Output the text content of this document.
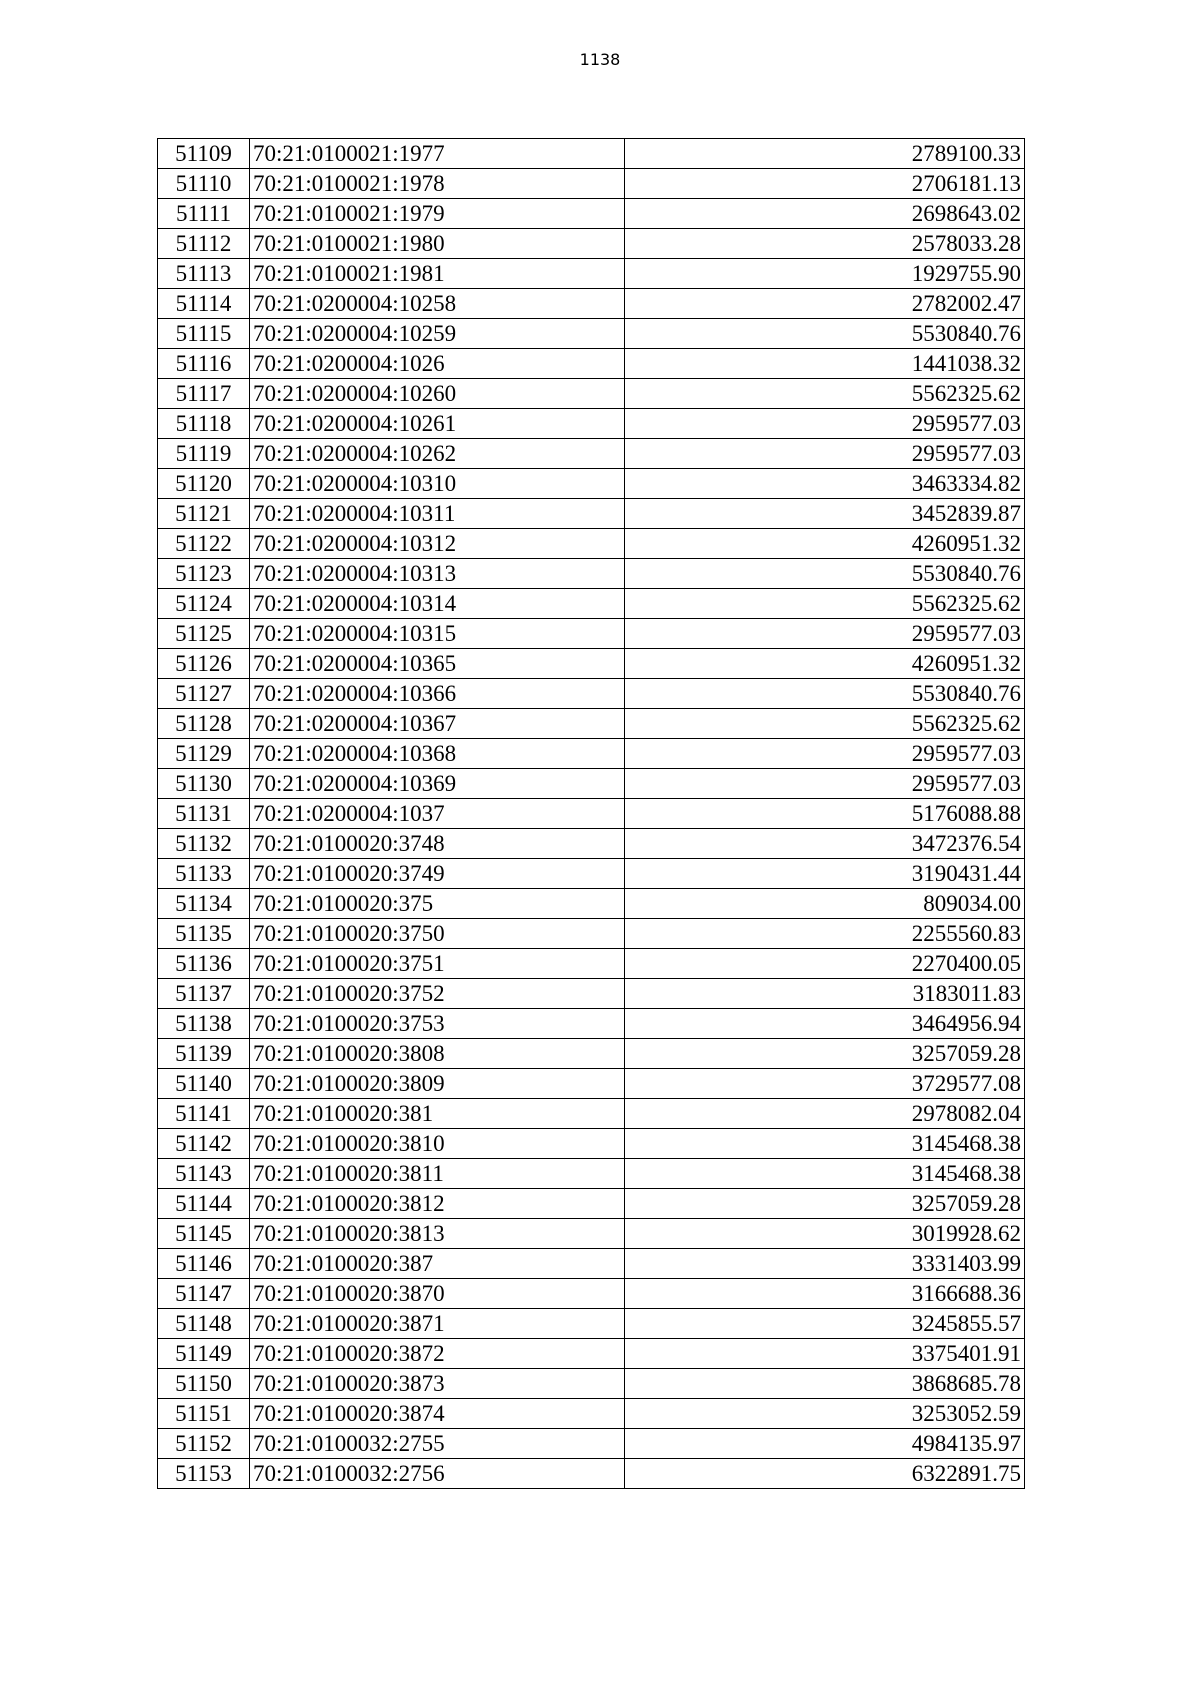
1138
51109	70:21:0100021:1977	2789100.33
51110	70:21:0100021:1978	2706181.13
51111	70:21:0100021:1979	2698643.02
51112	70:21:0100021:1980	2578033.28
51113	70:21:0100021:1981	1929755.90
51114	70:21:0200004:10258	2782002.47
51115	70:21:0200004:10259	5530840.76
51116	70:21:0200004:1026	1441038.32
51117	70:21:0200004:10260	5562325.62
51118	70:21:0200004:10261	2959577.03
51119	70:21:0200004:10262	2959577.03
51120	70:21:0200004:10310	3463334.82
51121	70:21:0200004:10311	3452839.87
51122	70:21:0200004:10312	4260951.32
51123	70:21:0200004:10313	5530840.76
51124	70:21:0200004:10314	5562325.62
51125	70:21:0200004:10315	2959577.03
51126	70:21:0200004:10365	4260951.32
51127	70:21:0200004:10366	5530840.76
51128	70:21:0200004:10367	5562325.62
51129	70:21:0200004:10368	2959577.03
51130	70:21:0200004:10369	2959577.03
51131	70:21:0200004:1037	5176088.88
51132	70:21:0100020:3748	3472376.54
51133	70:21:0100020:3749	3190431.44
51134	70:21:0100020:375	809034.00
51135	70:21:0100020:3750	2255560.83
51136	70:21:0100020:3751	2270400.05
51137	70:21:0100020:3752	3183011.83
51138	70:21:0100020:3753	3464956.94
51139	70:21:0100020:3808	3257059.28
51140	70:21:0100020:3809	3729577.08
51141	70:21:0100020:381	2978082.04
51142	70:21:0100020:3810	3145468.38
51143	70:21:0100020:3811	3145468.38
51144	70:21:0100020:3812	3257059.28
51145	70:21:0100020:3813	3019928.62
51146	70:21:0100020:387	3331403.99
51147	70:21:0100020:3870	3166688.36
51148	70:21:0100020:3871	3245855.57
51149	70:21:0100020:3872	3375401.91
51150	70:21:0100020:3873	3868685.78
51151	70:21:0100020:3874	3253052.59
51152	70:21:0100032:2755	4984135.97
51153	70:21:0100032:2756	6322891.75
